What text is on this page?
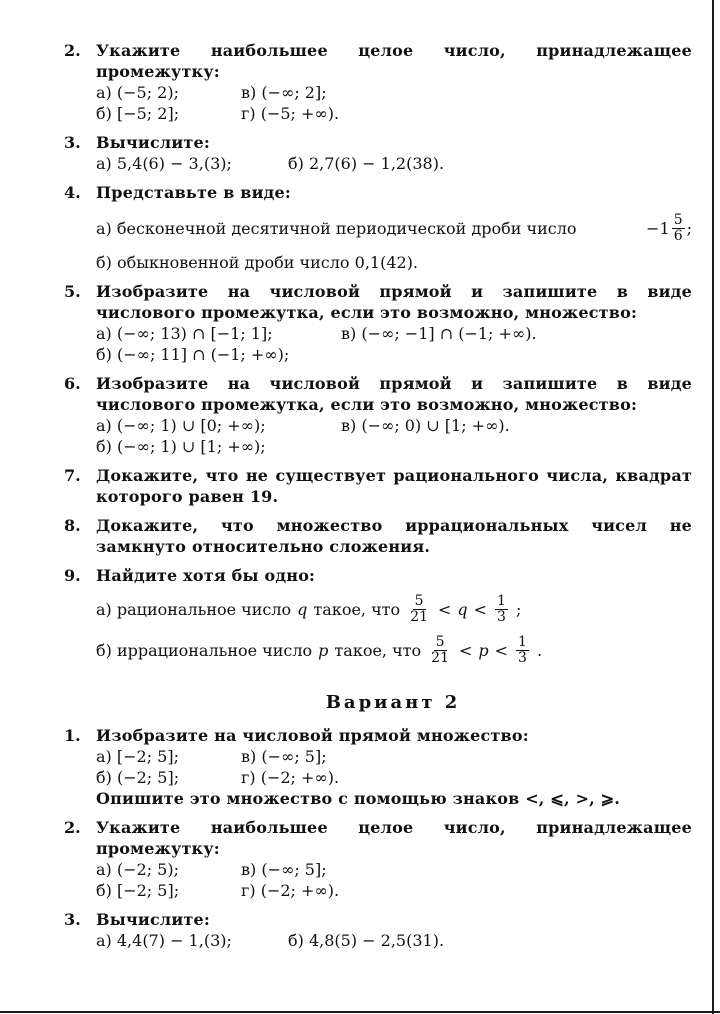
2. Укажите наибольшее целое число, принадлежащее промежутку:
а) (−5; 2);	в) (−∞; 2];
б) [−5; 2];	г) (−5; +∞).
3. Вычислите:
а) 5,4(6) − 3,(3);	б) 2,7(6) − 1,2(38).
4. Представьте в виде:
а) бесконечной десятичной периодической дроби число	$-1 \frac{5}{6}$ ;
б) обыкновенной дроби число 0,1(42).
5. Изобразите на числовой прямой и запишите в виде числового промежутка, если это возможно, множество:
а) (−∞; 13) ∩ [−1; 1];	в) (−∞; −1] ∩ (−1; +∞).
б) (−∞; 11] ∩ (−1; +∞);
6. Изобразите на числовой прямой и запишите в виде числового промежутка, если это возможно, множество:
а) (−∞; 1) ∪ [0; +∞);	в) (−∞; 0) ∪ [1; +∞).
б) (−∞; 1) ∪ [1; +∞);
7. Докажите, что не существует рационального числа, квадрат которого равен 19.
8. Докажите, что множество иррациональных чисел не замкнуто относительно сложения.
9. Найдите хотя бы одно:
а) рациональное число q такое, что $\frac{5}{21} < q < \frac{1}{3}$ ;
б) иррациональное число p такое, что $\frac{5}{21} < p < \frac{1}{3}$ .
Вариант 2
1. Изобразите на числовой прямой множество:
а) [−2; 5];	в) (−∞; 5];
б) (−2; 5];	г) (−2; +∞).
Опишите это множество с помощью знаков <, ⩽, >, ⩾.
2. Укажите наибольшее целое число, принадлежащее промежутку:
а) (−2; 5);	в) (−∞; 5];
б) [−2; 5];	г) (−2; +∞).
3. Вычислите:
а) 4,4(7) − 1,(3);	б) 4,8(5) − 2,5(31).
